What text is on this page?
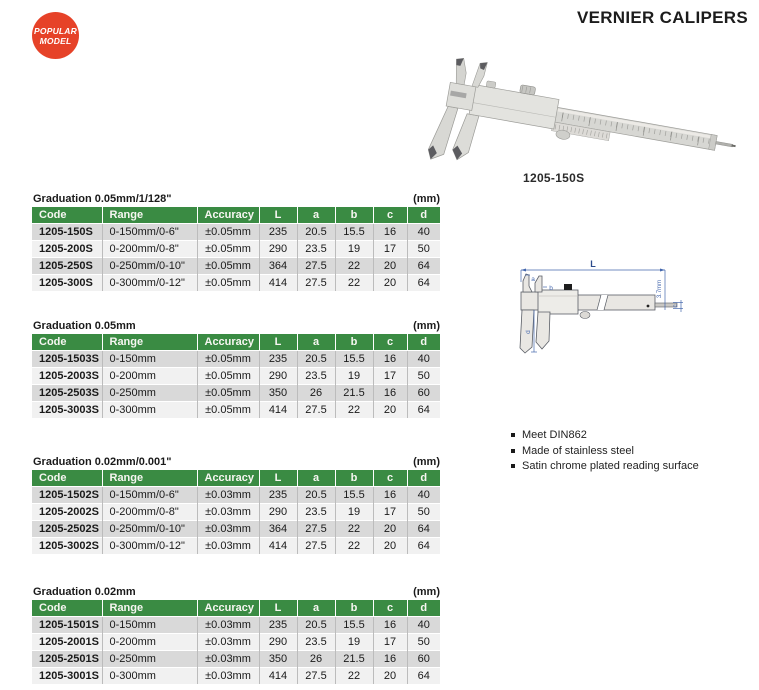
POPULAR
MODEL
VERNIER CALIPERS
1205-150S
L
a
b
d
3.7mm
c
Meet DIN862
Made of stainless steel
Satin chrome plated reading surface
Graduation 0.05mm/1/128"	(mm)
Code	Range	Accuracy	L	a	b	c	d
1205-150S	0-150mm/0-6"	±0.05mm	235	20.5	15.5	16	40
1205-200S	0-200mm/0-8"	±0.05mm	290	23.5	19	17	50
1205-250S	0-250mm/0-10"	±0.05mm	364	27.5	22	20	64
1205-300S	0-300mm/0-12"	±0.05mm	414	27.5	22	20	64
Graduation 0.05mm	(mm)
Code	Range	Accuracy	L	a	b	c	d
1205-1503S	0-150mm	±0.05mm	235	20.5	15.5	16	40
1205-2003S	0-200mm	±0.05mm	290	23.5	19	17	50
1205-2503S	0-250mm	±0.05mm	350	26	21.5	16	60
1205-3003S	0-300mm	±0.05mm	414	27.5	22	20	64
Graduation 0.02mm/0.001"	(mm)
Code	Range	Accuracy	L	a	b	c	d
1205-1502S	0-150mm/0-6"	±0.03mm	235	20.5	15.5	16	40
1205-2002S	0-200mm/0-8"	±0.03mm	290	23.5	19	17	50
1205-2502S	0-250mm/0-10"	±0.03mm	364	27.5	22	20	64
1205-3002S	0-300mm/0-12"	±0.03mm	414	27.5	22	20	64
Graduation 0.02mm	(mm)
Code	Range	Accuracy	L	a	b	c	d
1205-1501S	0-150mm	±0.03mm	235	20.5	15.5	16	40
1205-2001S	0-200mm	±0.03mm	290	23.5	19	17	50
1205-2501S	0-250mm	±0.03mm	350	26	21.5	16	60
1205-3001S	0-300mm	±0.03mm	414	27.5	22	20	64
